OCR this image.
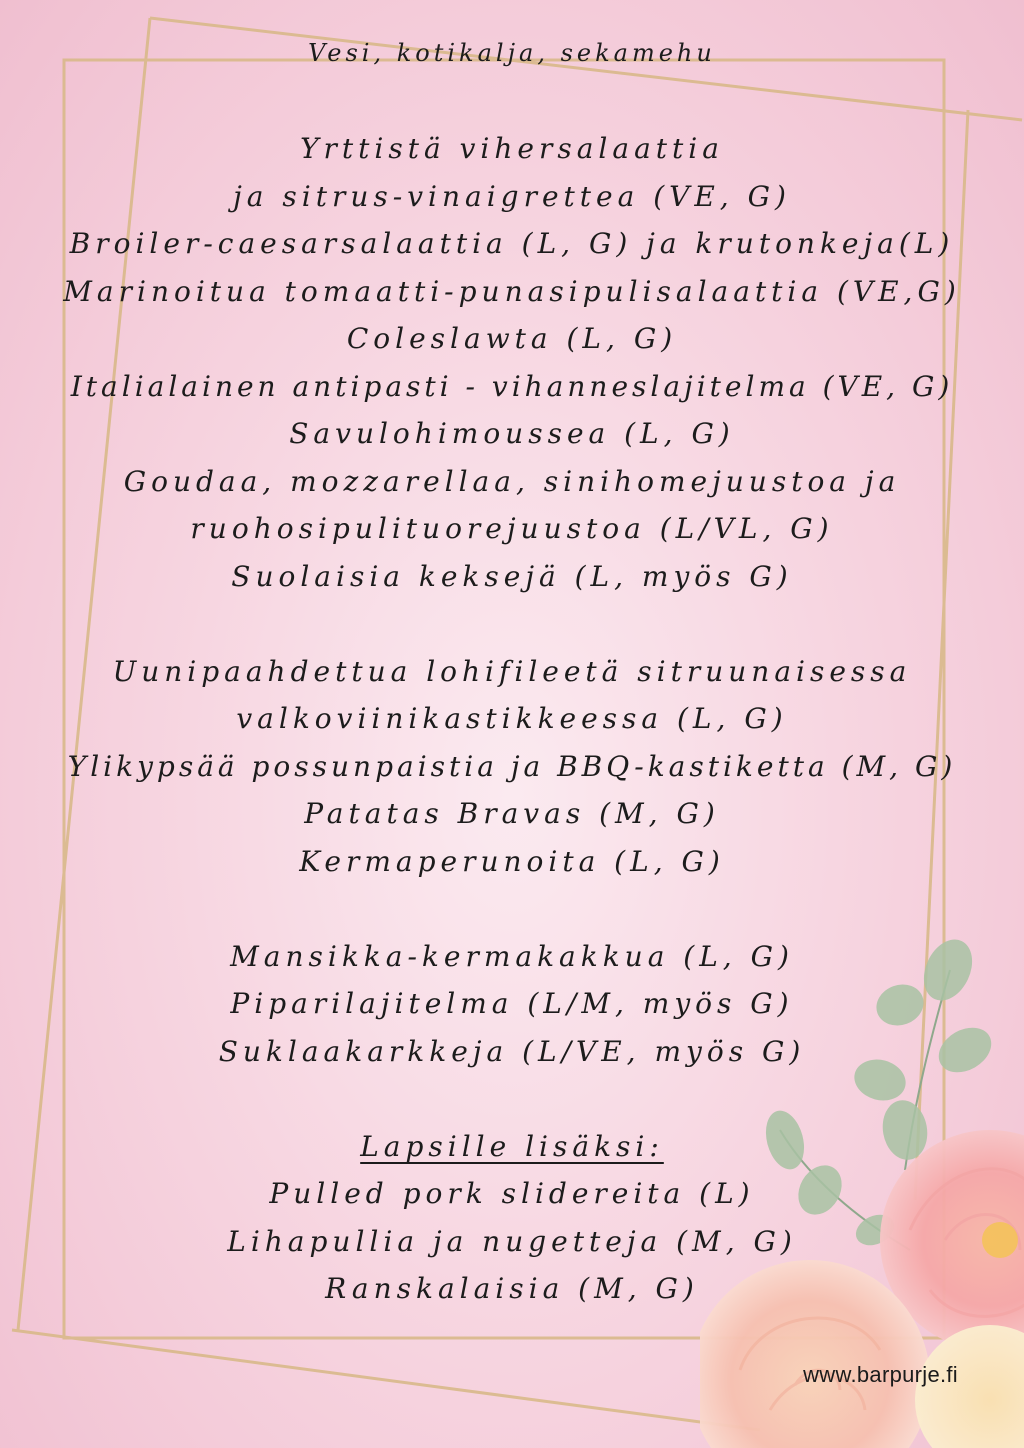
Vesi, kotikalja, sekamehu
Yrttistä vihersalaattia
ja sitrus-vinaigrettea (VE, G)
Broiler-caesarsalaattia (L, G) ja krutonkeja(L)
Marinoitua tomaatti-punasipulisalaattia (VE,G)
Coleslawta (L, G)
Italialainen antipasti - vihanneslajitelma (VE, G)
Savulohimoussea (L, G)
Goudaa, mozzarellaa, sinihomejuustoa ja
ruohosipulituorejuustoa (L/VL, G)
Suolaisia keksejä (L, myös G)
Uunipaahdettua lohifileetä sitruunaisessa
valkoviinikastikkeessa (L, G)
Ylikypsää possunpaistia ja BBQ-kastiketta (M, G)
Patatas Bravas (M, G)
Kermaperunoita (L, G)
Mansikka-kermakakkua (L, G)
Piparilajitelma (L/M, myös G)
Suklaakarkkeja (L/VE, myös G)
Lapsille lisäksi:
Pulled pork slidereita (L)
Lihapullia ja nugetteja (M, G)
Ranskalaisia (M, G)
www.barpurje.fi
